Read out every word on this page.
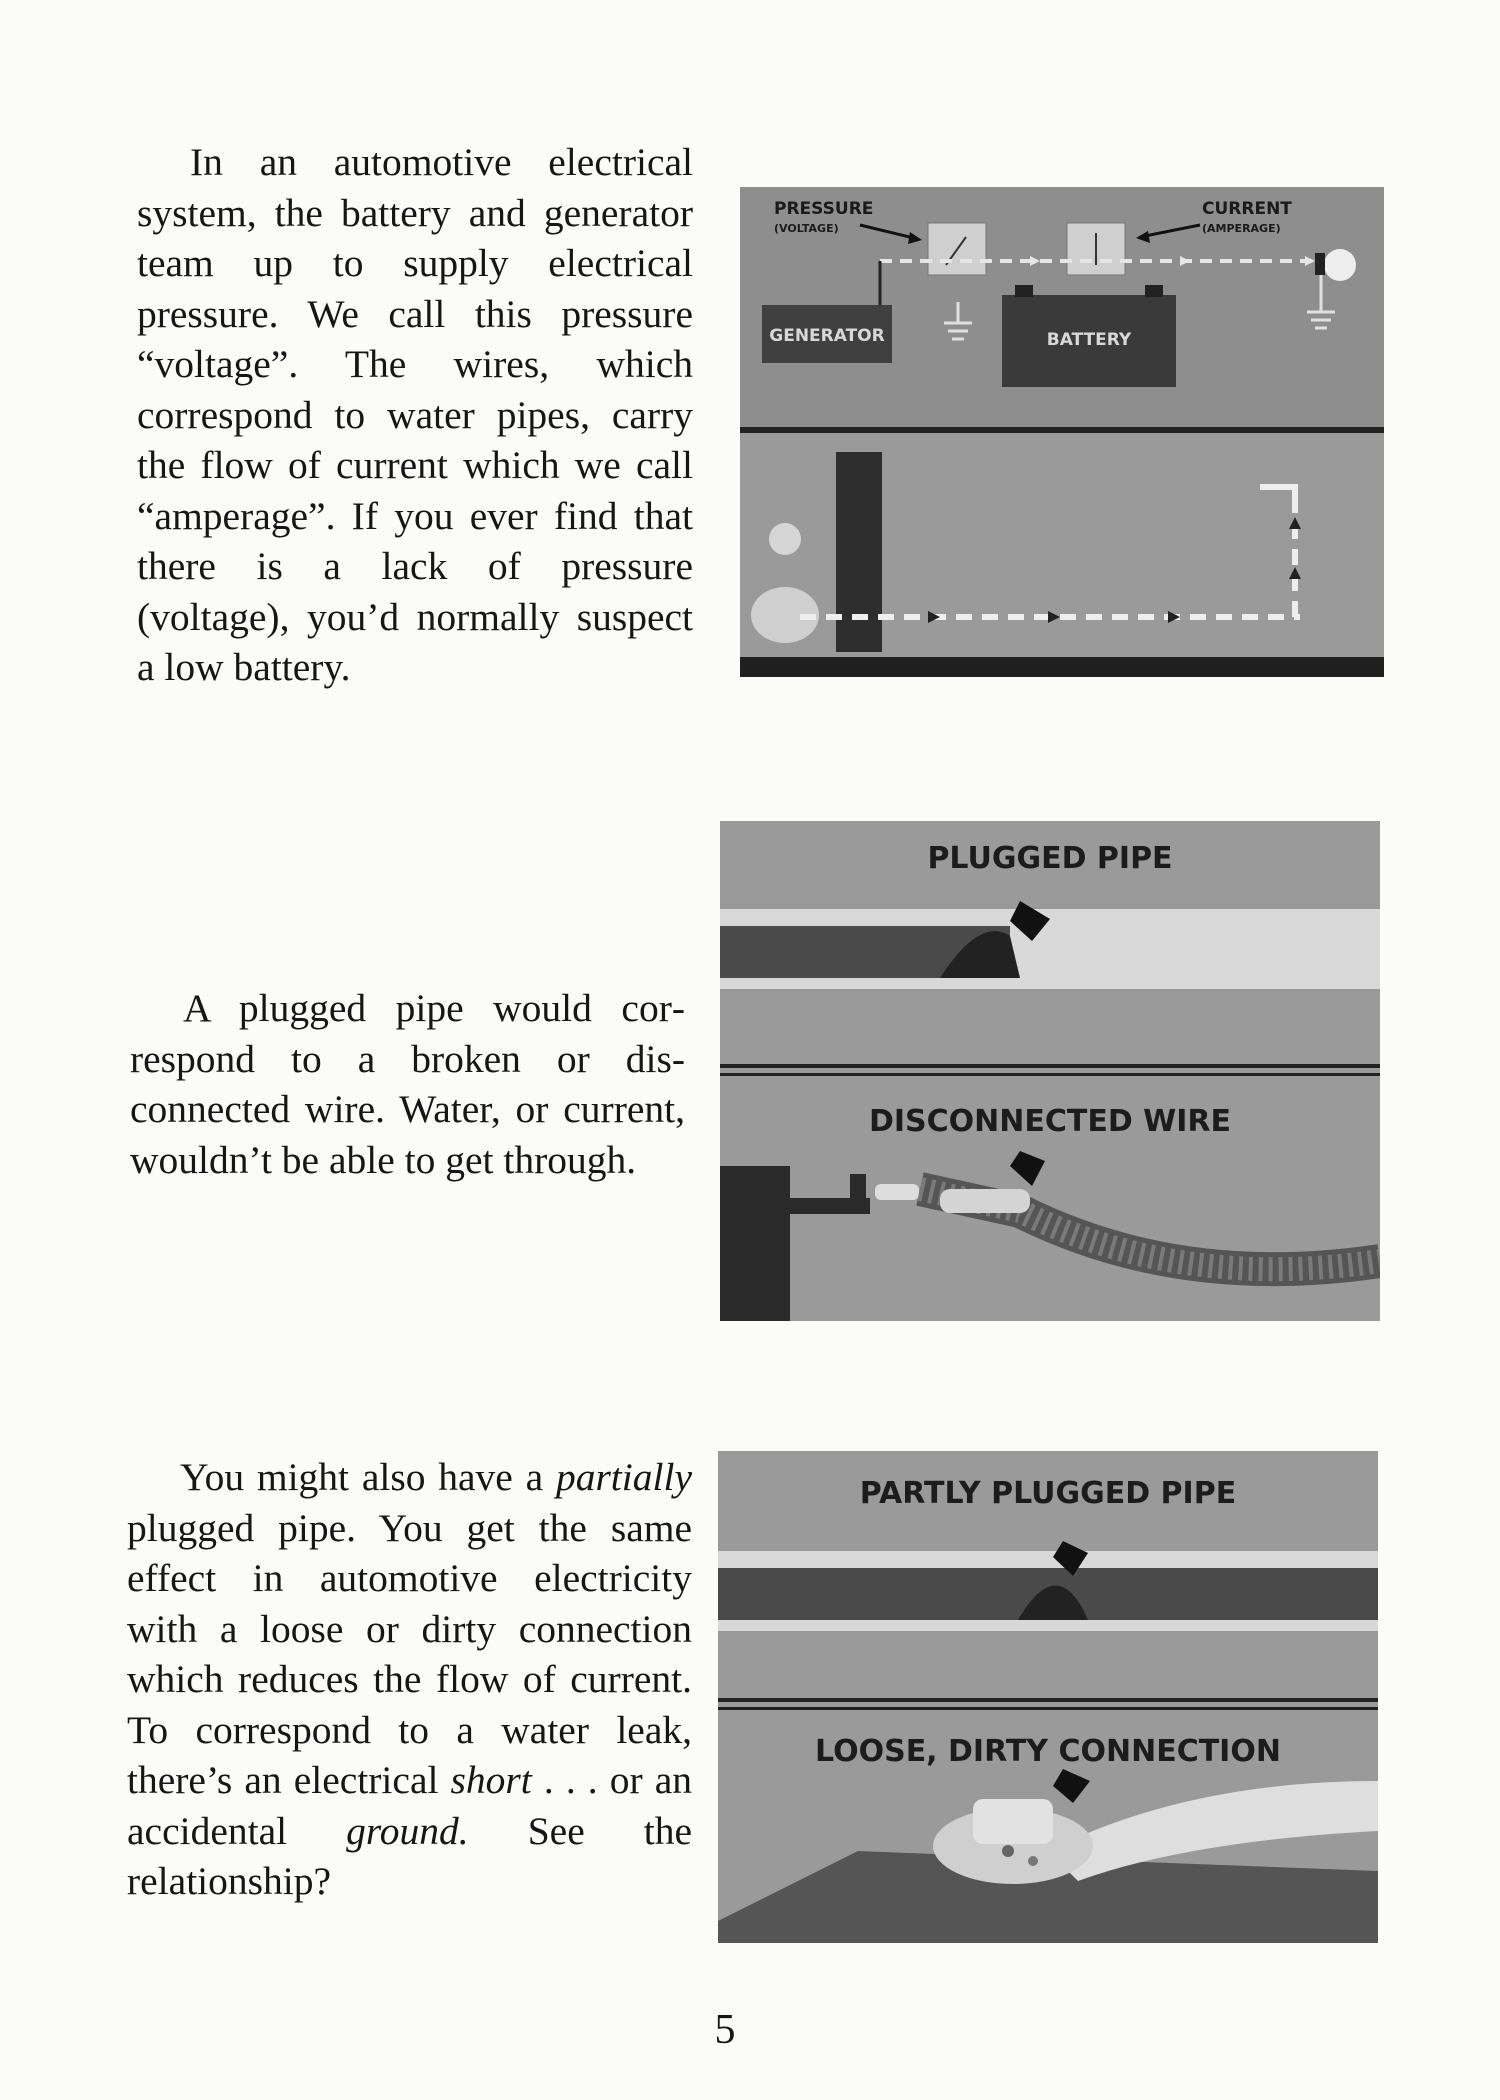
In an automotive electrical system, the battery and generator team up to supply electrical pressure. We call this pressure “voltage”. The wires, which correspond to water pipes, carry the flow of current which we call “amperage”. If you ever find that there is a lack of pressure (voltage), you’d normally suspect a low battery.

PRESSURE
(VOLTAGE)
CURRENT
(AMPERAGE)
GENERATOR	BATTERY

A plugged pipe would correspond to a broken or disconnected wire. Water, or current, wouldn’t be able to get through.

PLUGGED PIPE
DISCONNECTED WIRE

You might also have a partially plugged pipe. You get the same effect in automotive electricity with a loose or dirty connection which reduces the flow of current. To correspond to a water leak, there’s an electrical short . . . or an accidental ground. See the relationship?

PARTLY PLUGGED PIPE
LOOSE, DIRTY CONNECTION
5
